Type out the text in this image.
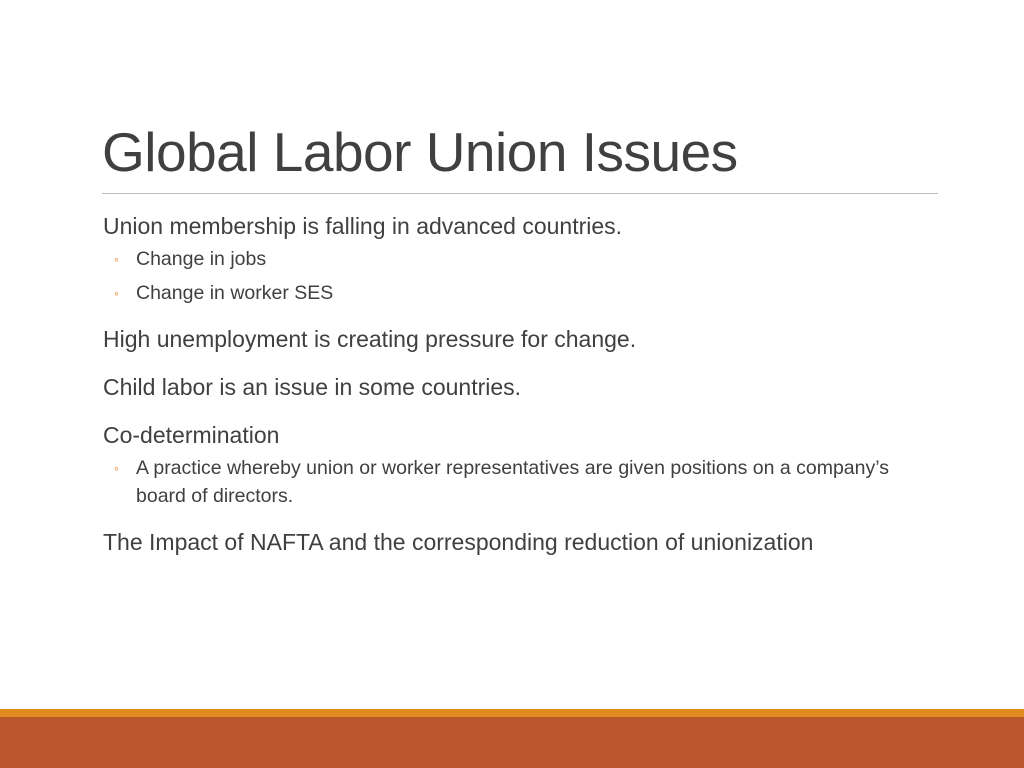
Global Labor Union Issues

Union membership is falling in advanced countries.

◦ Change in jobs
◦ Change in worker SES

High unemployment is creating pressure for change.

Child labor is an issue in some countries.

Co-determination

◦ A practice whereby union or worker representatives are given positions on a company’s board of directors.

The Impact of NAFTA and the corresponding reduction of unionization
